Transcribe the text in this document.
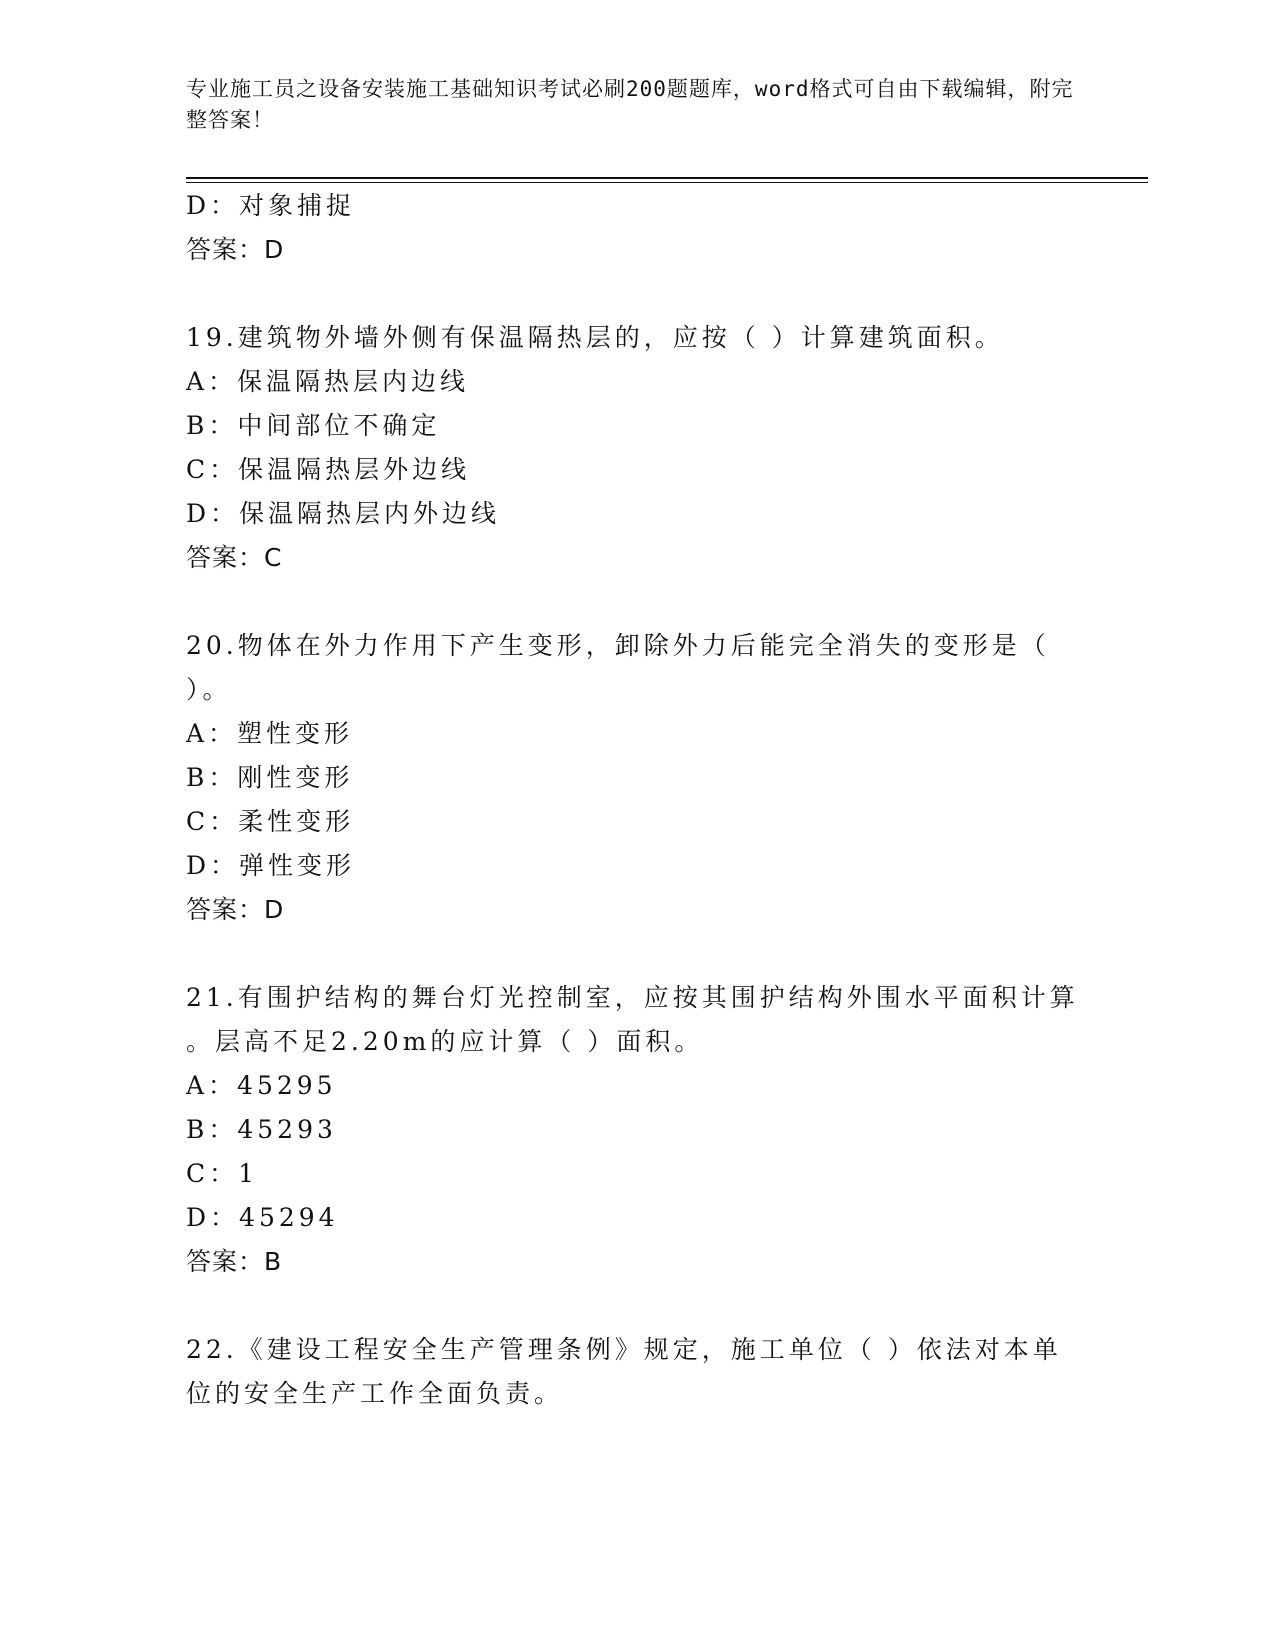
专业施工员之设备安装施工基础知识考试必刷200题题库，word格式可自由下载编辑，附完整答案！
D：对象捕捉
答案：D
19.建筑物外墙外侧有保温隔热层的，应按（ ）计算建筑面积。
A：保温隔热层内边线
B：中间部位不确定
C：保温隔热层外边线
D：保温隔热层内外边线
答案：C
20.物体在外力作用下产生变形，卸除外力后能完全消失的变形是（
）。
A：塑性变形
B：刚性变形
C：柔性变形
D：弹性变形
答案：D
21.有围护结构的舞台灯光控制室，应按其围护结构外围水平面积计算
。层高不足2.20m的应计算（ ）面积。
A：45295
B：45293
C：1
D：45294
答案：B
22.《建设工程安全生产管理条例》规定，施工单位（ ）依法对本单
位的安全生产工作全面负责。
